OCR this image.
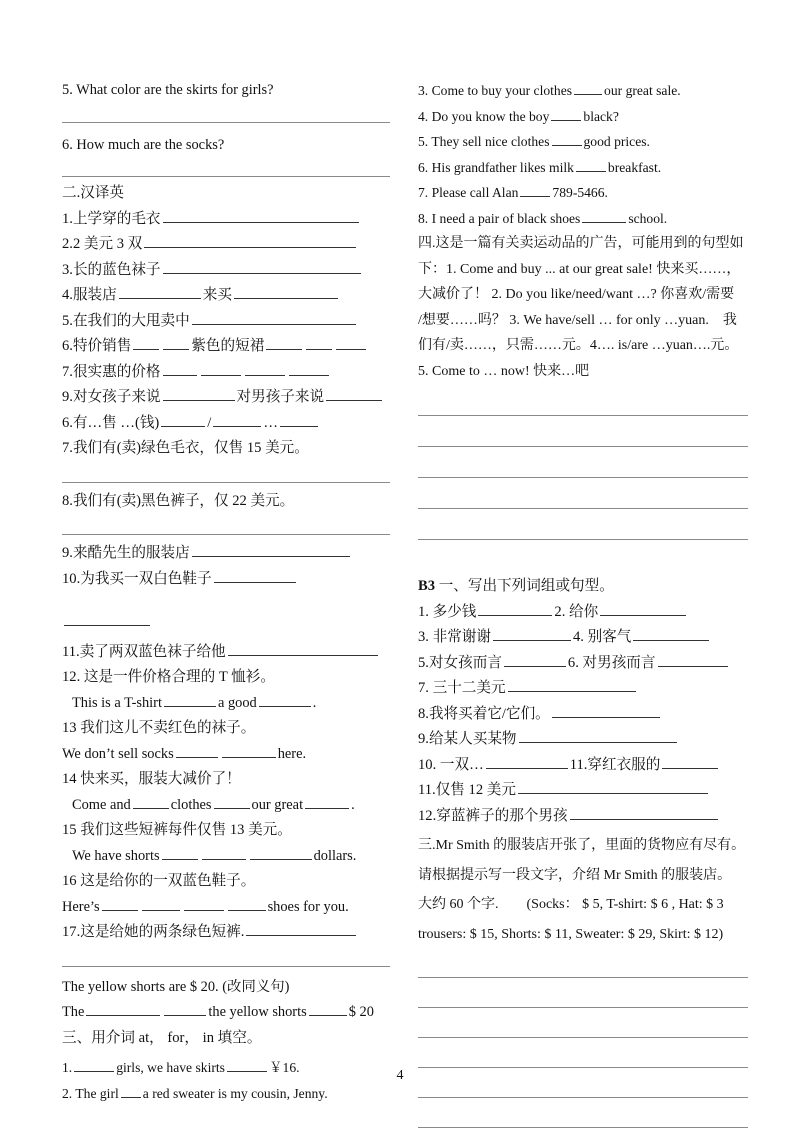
5. What color are the skirts for girls?
6. How much are the socks?
二.汉译英
1.上学穿的毛衣
2.2 美元 3 双
3.长的蓝色袜子
4.服装店	来买
5.在我们的大甩卖中
6.特价销售	紫色的短裙
7.很实惠的价格
9.对女孩子来说	对男孩子来说
6.有…售 …(钱)	/	…
7.我们有(卖)绿色毛衣，仅售 15 美元。
8.我们有(卖)黑色裤子，仅 22 美元。
9.来酷先生的服装店
10.为我买一双白色鞋子
11.卖了两双蓝色袜子给他
12. 这是一件价格合理的 T 恤衫。
This is a T-shirt	a good	.
13 我们这儿不卖红色的袜子。
We don’t sell socks	here.
14 快来买，服装大减价了！
Come and	clothes	our great	.
15 我们这些短裤每件仅售 13 美元。
We have shorts	dollars.
16 这是给你的一双蓝色鞋子。
Here’s	shoes for you.
17.这是给她的两条绿色短裤.
The yellow shorts are $ 20. (改同义句)
The	the yellow shorts	$ 20
三、用介词 at， for， in 填空。
1.	girls, we have skirts	￥16.
2. The girl a red sweater is my cousin, Jenny.
3. Come to buy your clothes our great sale.
4. Do you know the boy	black?
5. They sell nice clothes	good prices.
6. His grandfather likes milk	breakfast.
7. Please call Alan	789-5466.
8. I need a pair of black shoes	school.
四.这是一篇有关卖运动品的广告，可能用到的句型如
下：1. Come and buy ... at our great sale! 快来买……，
大减价了！ 2. Do you like/need/want …? 你喜欢/需要
/想要……吗？ 3. We have/sell … for only …yuan.　我
们有/卖……，只需……元。4…. is/are …yuan….元。
5. Come to … now! 快来…吧
B3 一、写出下列词组或句型。
1. 多少钱	2. 给你
3. 非常谢谢	4. 别客气
5.对女孩而言	6. 对男孩而言
7. 三十二美元
8.我将买着它/它们。
9.给某人买某物
10. 一双…	11.穿红衣服的
11.仅售 12 美元
12.穿蓝裤子的那个男孩
三.Mr Smith 的服装店开张了，里面的货物应有尽有。
请根据提示写一段文字，介绍 Mr Smith 的服装店。
大约 60 个字.　　(Socks： $ 5, T-shirt: $ 6 , Hat: $ 3
trousers: $ 15, Shorts: $ 11, Sweater: $ 29, Skirt: $ 12)
4
